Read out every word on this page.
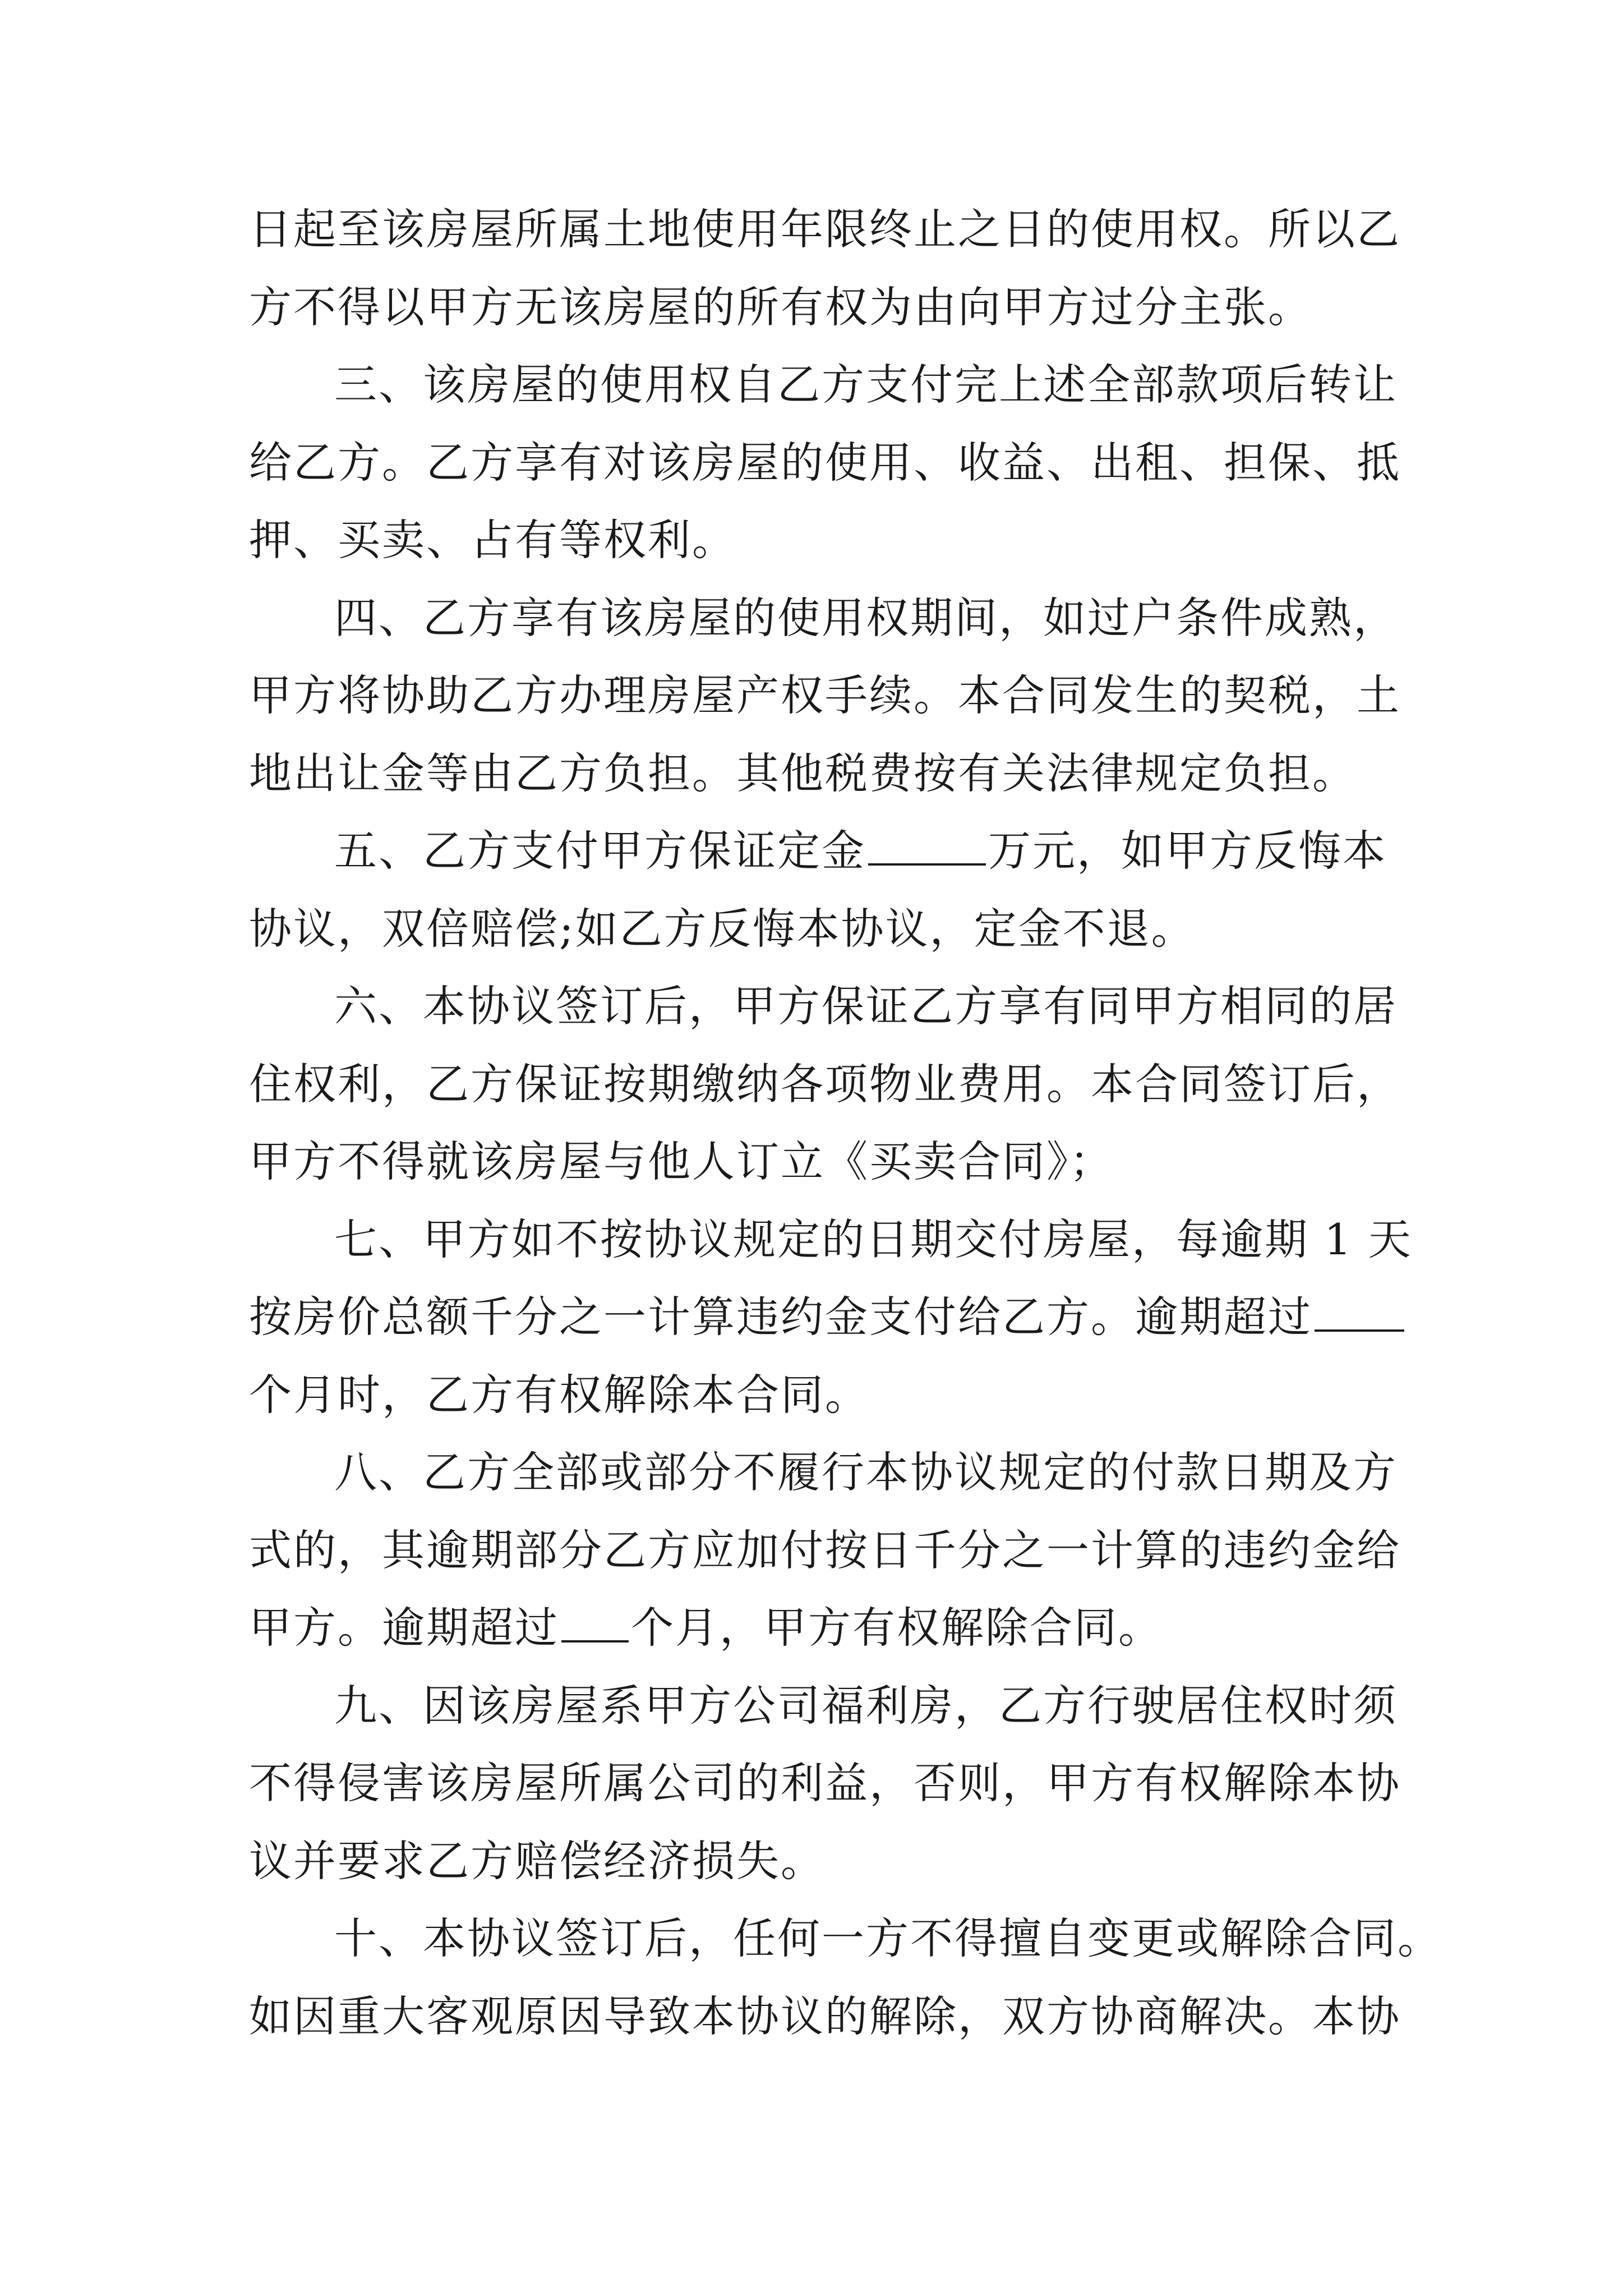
日起至该房屋所属土地使用年限终止之日的使用权。所以乙
方不得以甲方无该房屋的所有权为由向甲方过分主张。
三、该房屋的使用权自乙方支付完上述全部款项后转让
给乙方。乙方享有对该房屋的使用、收益、出租、担保、抵
押、买卖、占有等权利。
四、乙方享有该房屋的使用权期间，如过户条件成熟，
甲方将协助乙方办理房屋产权手续。本合同发生的契税，土
地出让金等由乙方负担。其他税费按有关法律规定负担。
五、乙方支付甲方保证定金	万元，如甲方反悔本
协议，双倍赔偿;如乙方反悔本协议，定金不退。
六、本协议签订后，甲方保证乙方享有同甲方相同的居
住权利，乙方保证按期缴纳各项物业费用。本合同签订后，
甲方不得就该房屋与他人订立《买卖合同》；
七、甲方如不按协议规定的日期交付房屋，每逾期 1 天
按房价总额千分之一计算违约金支付给乙方。逾期超过
个月时，乙方有权解除本合同。
八、乙方全部或部分不履行本协议规定的付款日期及方
式的，其逾期部分乙方应加付按日千分之一计算的违约金给
甲方。逾期超过 个月，甲方有权解除合同。
九、因该房屋系甲方公司福利房，乙方行驶居住权时须
不得侵害该房屋所属公司的利益，否则，甲方有权解除本协
议并要求乙方赔偿经济损失。
十、本协议签订后，任何一方不得擅自变更或解除合同。
如因重大客观原因导致本协议的解除，双方协商解决。本协
